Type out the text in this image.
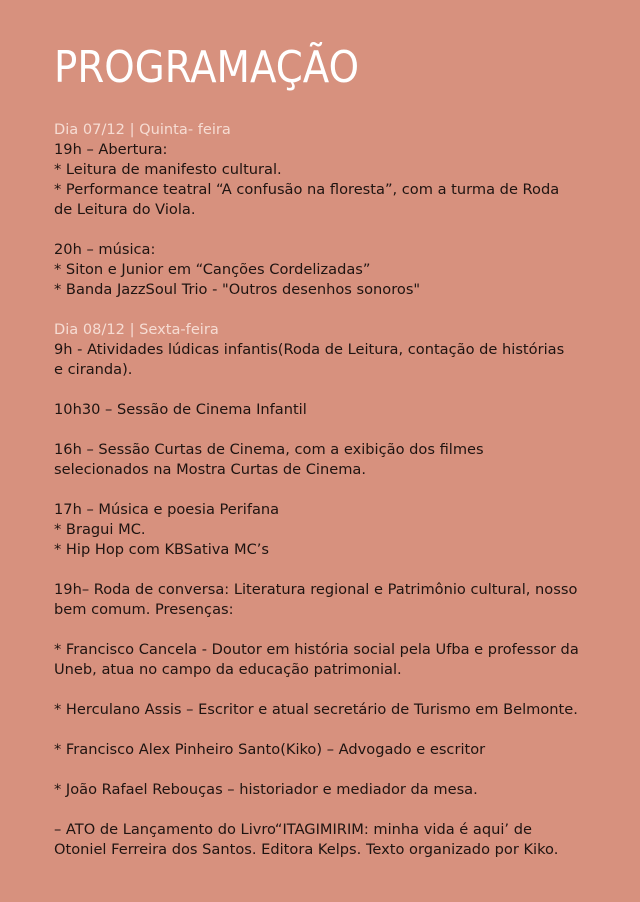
PROGRAMAÇÃO

Dia 07/12 | Quinta- feira

19h – Abertura:

* Leitura de manifesto cultural.

* Performance teatral “A confusão na floresta”, com a turma de Roda

de Leitura do Viola.

20h – música:

* Siton e Junior em “Canções Cordelizadas”

* Banda JazzSoul Trio - "Outros desenhos sonoros"

Dia 08/12 | Sexta-feira

9h - Atividades lúdicas infantis(Roda de Leitura, contação de histórias

e ciranda).

10h30 – Sessão de Cinema Infantil

16h – Sessão Curtas de Cinema, com a exibição dos filmes

selecionados na Mostra Curtas de Cinema.

17h – Música e poesia Perifana

* Bragui MC.

* Hip Hop com KBSativa MC’s

19h– Roda de conversa: Literatura regional e Patrimônio cultural, nosso

bem comum. Presenças:

* Francisco Cancela - Doutor em história social pela Ufba e professor da

Uneb, atua no campo da educação patrimonial.

* Herculano Assis – Escritor e atual secretário de Turismo em Belmonte.

* Francisco Alex Pinheiro Santo(Kiko) – Advogado e escritor

* João Rafael Rebouças – historiador e mediador da mesa.

– ATO de Lançamento do Livro“ITAGIMIRIM: minha vida é aqui’ de

Otoniel Ferreira dos Santos. Editora Kelps. Texto organizado por Kiko.
